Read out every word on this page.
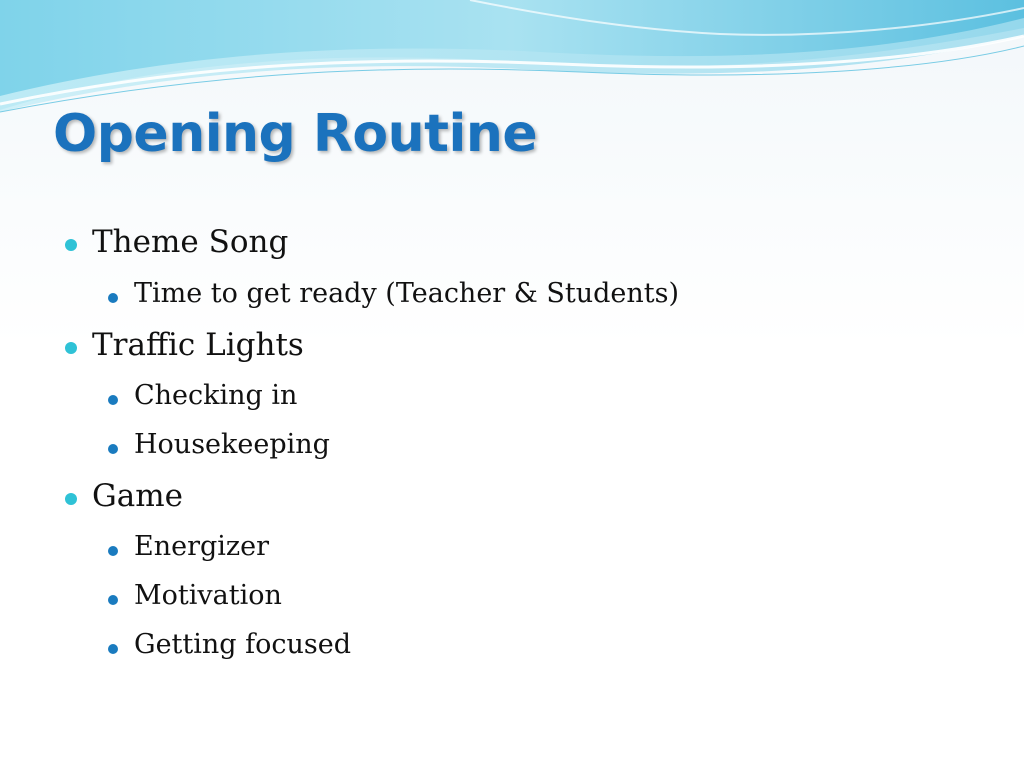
Opening Routine
Theme Song
Time to get ready (Teacher & Students)
Traffic Lights
Checking in
Housekeeping
Game
Energizer
Motivation
Getting focused
